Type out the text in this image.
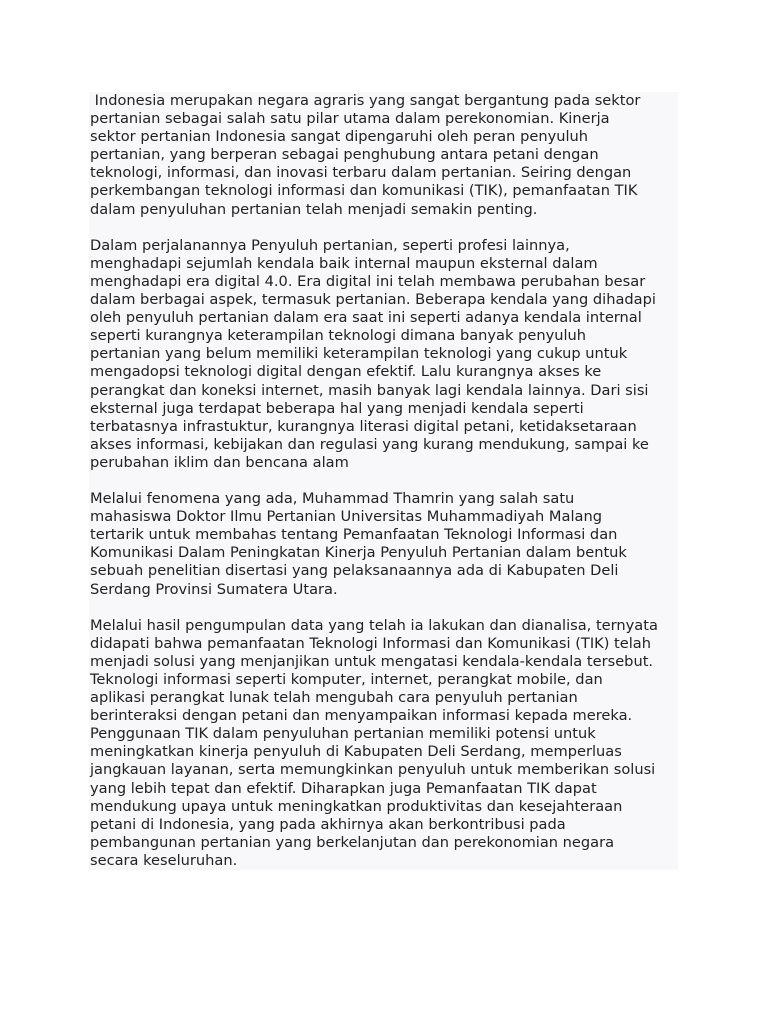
Indonesia merupakan negara agraris yang sangat bergantung pada sektor
pertanian sebagai salah satu pilar utama dalam perekonomian. Kinerja
sektor pertanian Indonesia sangat dipengaruhi oleh peran penyuluh
pertanian, yang berperan sebagai penghubung antara petani dengan
teknologi, informasi, dan inovasi terbaru dalam pertanian. Seiring dengan
perkembangan teknologi informasi dan komunikasi (TIK), pemanfaatan TIK
dalam penyuluhan pertanian telah menjadi semakin penting.

Dalam perjalanannya Penyuluh pertanian, seperti profesi lainnya,
menghadapi sejumlah kendala baik internal maupun eksternal dalam
menghadapi era digital 4.0. Era digital ini telah membawa perubahan besar
dalam berbagai aspek, termasuk pertanian. Beberapa kendala yang dihadapi
oleh penyuluh pertanian dalam era saat ini seperti adanya kendala internal
seperti kurangnya keterampilan teknologi dimana banyak penyuluh
pertanian yang belum memiliki keterampilan teknologi yang cukup untuk
mengadopsi teknologi digital dengan efektif. Lalu kurangnya akses ke
perangkat dan koneksi internet, masih banyak lagi kendala lainnya. Dari sisi
eksternal juga terdapat beberapa hal yang menjadi kendala seperti
terbatasnya infrastuktur, kurangnya literasi digital petani, ketidaksetaraan
akses informasi, kebijakan dan regulasi yang kurang mendukung, sampai ke
perubahan iklim dan bencana alam

Melalui fenomena yang ada, Muhammad Thamrin yang salah satu
mahasiswa Doktor Ilmu Pertanian Universitas Muhammadiyah Malang
tertarik untuk membahas tentang Pemanfaatan Teknologi Informasi dan
Komunikasi Dalam Peningkatan Kinerja Penyuluh Pertanian dalam bentuk
sebuah penelitian disertasi yang pelaksanaannya ada di Kabupaten Deli
Serdang Provinsi Sumatera Utara.

Melalui hasil pengumpulan data yang telah ia lakukan dan dianalisa, ternyata
didapati bahwa pemanfaatan Teknologi Informasi dan Komunikasi (TIK) telah
menjadi solusi yang menjanjikan untuk mengatasi kendala-kendala tersebut.
Teknologi informasi seperti komputer, internet, perangkat mobile, dan
aplikasi perangkat lunak telah mengubah cara penyuluh pertanian
berinteraksi dengan petani dan menyampaikan informasi kepada mereka.
Penggunaan TIK dalam penyuluhan pertanian memiliki potensi untuk
meningkatkan kinerja penyuluh di Kabupaten Deli Serdang, memperluas
jangkauan layanan, serta memungkinkan penyuluh untuk memberikan solusi
yang lebih tepat dan efektif. Diharapkan juga Pemanfaatan TIK dapat
mendukung upaya untuk meningkatkan produktivitas dan kesejahteraan
petani di Indonesia, yang pada akhirnya akan berkontribusi pada
pembangunan pertanian yang berkelanjutan dan perekonomian negara
secara keseluruhan.
